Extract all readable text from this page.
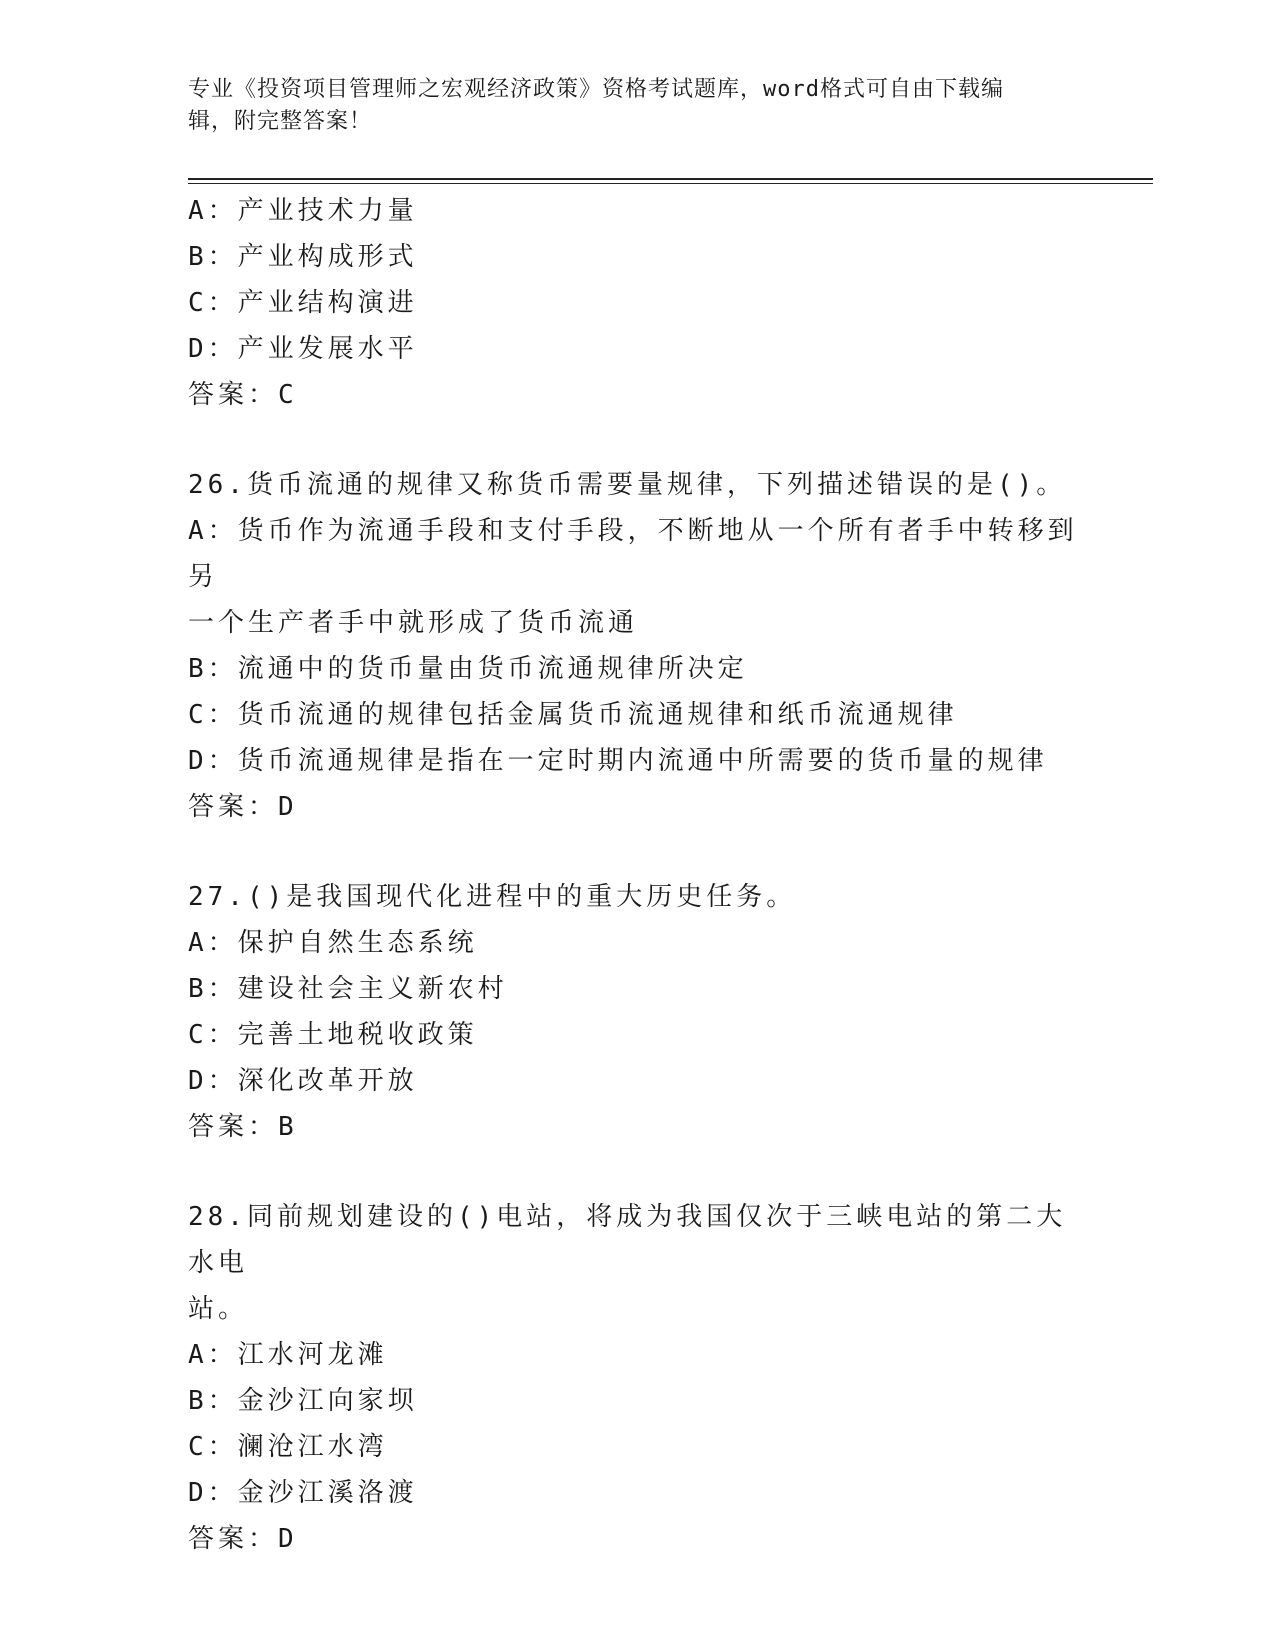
专业《投资项目管理师之宏观经济政策》资格考试题库，word格式可自由下载编
辑，附完整答案！
A：产业技术力量
B：产业构成形式
C：产业结构演进
D：产业发展水平
答案：C
26.货币流通的规律又称货币需要量规律，下列描述错误的是()。
A：货币作为流通手段和支付手段，不断地从一个所有者手中转移到另
一个生产者手中就形成了货币流通
B：流通中的货币量由货币流通规律所决定
C：货币流通的规律包括金属货币流通规律和纸币流通规律
D：货币流通规律是指在一定时期内流通中所需要的货币量的规律
答案：D
27.()是我国现代化进程中的重大历史任务。
A：保护自然生态系统
B：建设社会主义新农村
C：完善土地税收政策
D：深化改革开放
答案：B
28.同前规划建设的()电站，将成为我国仅次于三峡电站的第二大水电
站。
A：江水河龙滩
B：金沙江向家坝
C：澜沧江水湾
D：金沙江溪洛渡
答案：D
